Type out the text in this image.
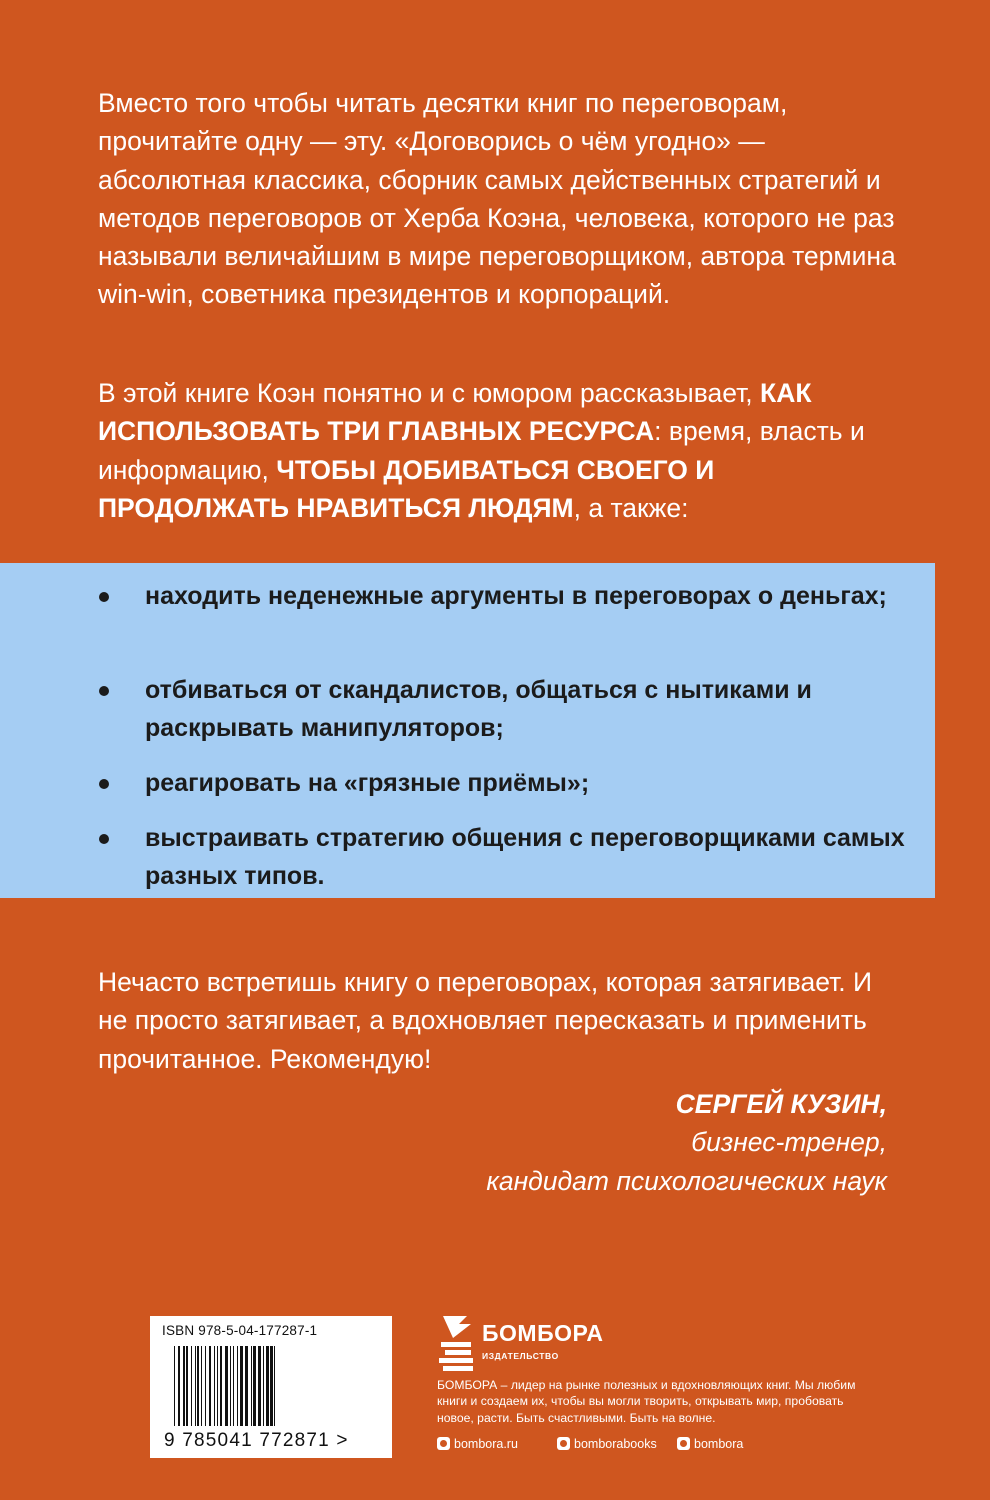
Вместо того чтобы читать десятки книг по переговорам, прочитайте одну — эту. «Договорись о чём угодно» — абсолютная классика, сборник самых действенных стратегий и методов переговоров от Херба Коэна, человека, которого не раз называли величайшим в мире переговорщиком, автора термина win-win, советника президентов и корпораций.

В этой книге Коэн понятно и с юмором рассказывает, КАК ИСПОЛЬЗОВАТЬ ТРИ ГЛАВНЫХ РЕСУРСА: время, власть и информацию, ЧТОБЫ ДОБИВАТЬСЯ СВОЕГО И ПРОДОЛЖАТЬ НРАВИТЬСЯ ЛЮДЯМ, а также:

находить неденежные аргументы в переговорах о деньгах;
отбиваться от скандалистов, общаться с нытиками и раскрывать манипуляторов;
реагировать на «грязные приёмы»;
выстраивать стратегию общения с переговорщиками самых разных типов.

Нечасто встретишь книгу о переговорах, которая затягивает. И не просто затягивает, а вдохновляет пересказать и применить прочитанное. Рекомендую!

СЕРГЕЙ КУЗИН,
бизнес-тренер,
кандидат психологических наук
ISBN 978-5-04-177287-1
9 785041 772871 >
БОМБОРА
ИЗДАТЕЛЬСТВО
БОМБОРА – лидер на рынке полезных и вдохновляющих книг. Мы любим книги и создаем их, чтобы вы могли творить, открывать мир, пробовать новое, расти. Быть счастливыми. Быть на волне.
bombora.ru	bomborabooks	bombora
